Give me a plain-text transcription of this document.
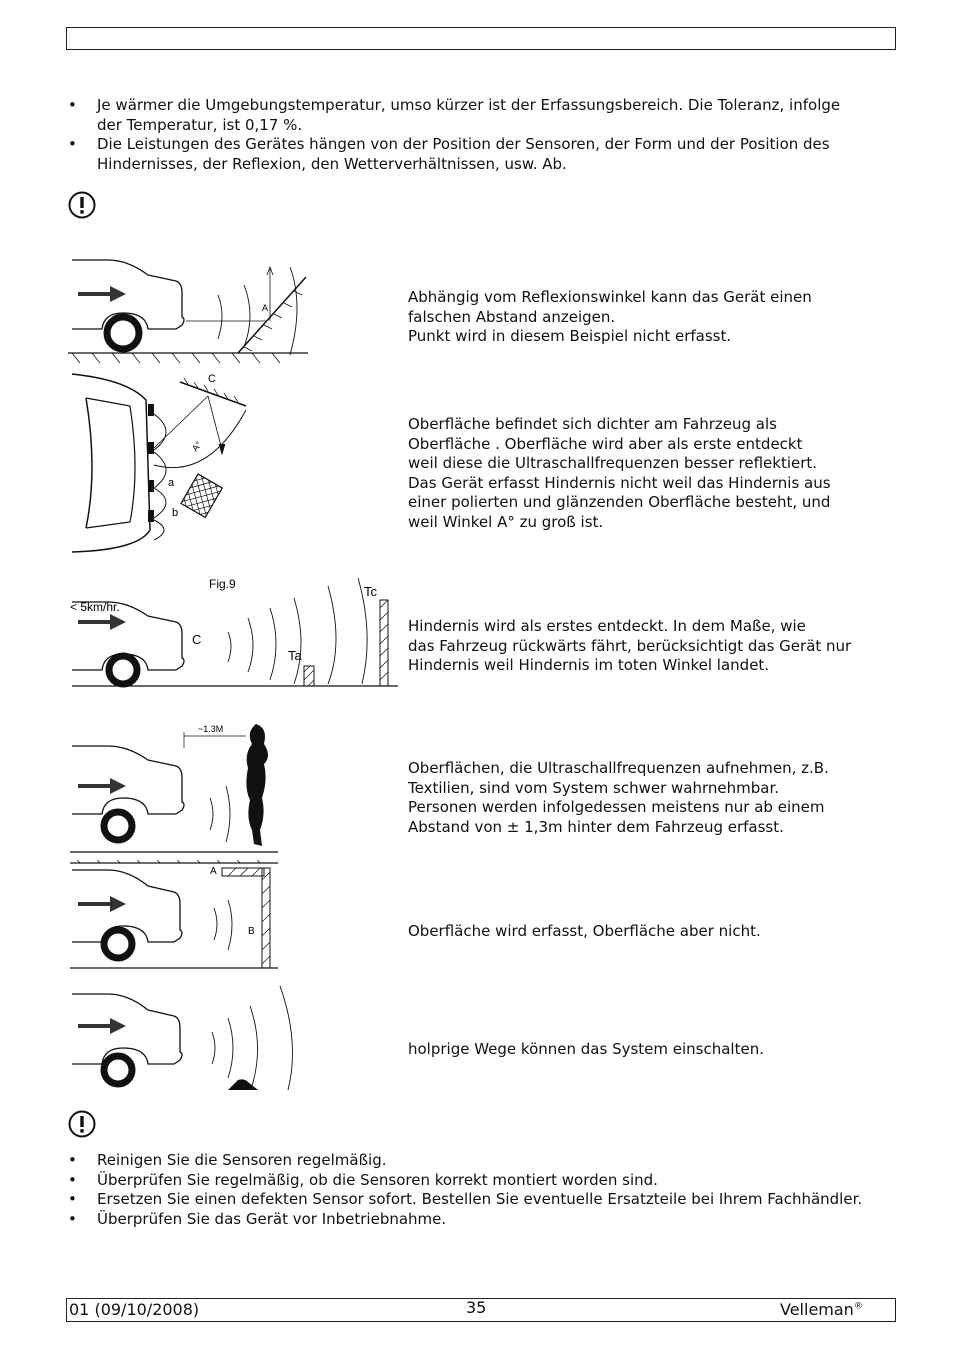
• Je wärmer die Umgebungstemperatur, umso kürzer ist der Erfassungsbereich. Die Toleranz, infolge der Temperatur, ist 0,17 %.
• Die Leistungen des Gerätes hängen von der Position der Sensoren, der Form und der Position des Hindernisses, der Reflexion, den Wetterverhältnissen, usw. Ab.
A
Abhängig vom Reflexionswinkel kann das Gerät einen
falschen Abstand anzeigen.
Punkt wird in diesem Beispiel nicht erfasst.
C
A°
a
b
Oberfläche befindet sich dichter am Fahrzeug als
Oberfläche . Oberfläche wird aber als erste entdeckt
weil diese die Ultraschallfrequenzen besser reflektiert.
Das Gerät erfasst Hindernis nicht weil das Hindernis aus
einer polierten und glänzenden Oberfläche besteht, und
weil Winkel A° zu groß ist.
Fig.9
< 5km/hr.
C
Ta
Tc
Hindernis wird als erstes entdeckt. In dem Maße, wie
das Fahrzeug rückwärts fährt, berücksichtigt das Gerät nur
Hindernis weil Hindernis im toten Winkel landet.
~1.3M
Oberflächen, die Ultraschallfrequenzen aufnehmen, z.B.
Textilien, sind vom System schwer wahrnehmbar.
Personen werden infolgedessen meistens nur ab einem
Abstand von ± 1,3m hinter dem Fahrzeug erfasst.
A
B	Oberfläche wird erfasst, Oberfläche aber nicht.
holprige Wege können das System einschalten.
• Reinigen Sie die Sensoren regelmäßig.
• Überprüfen Sie regelmäßig, ob die Sensoren korrekt montiert worden sind.
• Ersetzen Sie einen defekten Sensor sofort. Bestellen Sie eventuelle Ersatzteile bei Ihrem Fachhändler.
• Überprüfen Sie das Gerät vor Inbetriebnahme.
01 (09/10/2008)	35	Velleman®
